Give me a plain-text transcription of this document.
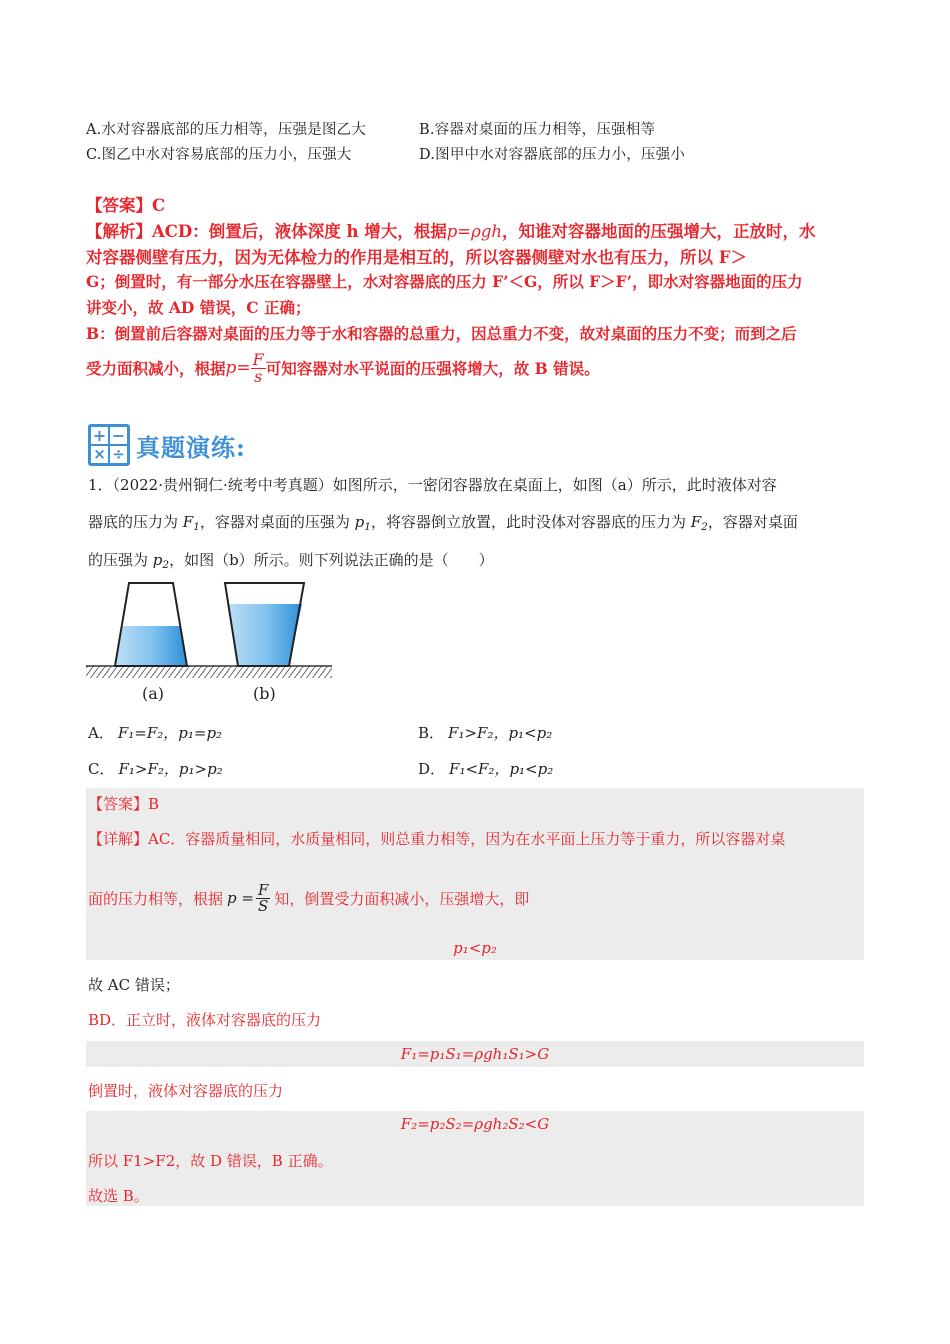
A.水对容器底部的压力相等，压强是图乙大	B.容器对桌面的压力相等，压强相等
C.图乙中水对容易底部的压力小，压强大	D.图甲中水对容器底部的压力小，压强小
【答案】C
【解析】ACD：倒置后，液体深度 h 增大，根据p=ρgh，知谁对容器地面的压强增大，正放时，水
对容器侧壁有压力，因为无体检力的作用是相互的，所以容器侧壁对水也有压力，所以 F＞
G；倒置时，有一部分水压在容器壁上，水对容器底的压力 F’＜G，所以 F＞F’，即水对容器地面的压力
讲变小，故 AD 错误，C 正确；
B：倒置前后容器对桌面的压力等于水和容器的总重力，因总重力不变，故对桌面的压力不变；而到之后
受力面积减小，根据 $p= \frac{F}{s}$ 可知容器对水平说面的压强将增大，故 B 错误。
+ −
× ÷ 真题演练:
1．（2022·贵州铜仁·统考中考真题）如图所示，一密闭容器放在桌面上，如图（a）所示，此时液体对容
器底的压力为 $F_1$，容器对桌面的压强为 $p_1$，将容器倒立放置，此时没体对容器底的压力为 $F_2$，容器对桌面
的压强为 $p_2$，如图（b）所示。则下列说法正确的是（　　）
(a)	(b)
A． F₁=F₂，p₁=p₂	B． F₁>F₂，p₁<p₂
C． F₁>F₂，p₁>p₂	D． F₁<F₂，p₁<p₂
【答案】B
【详解】AC．容器质量相同，水质量相同，则总重力相等，因为在水平面上压力等于重力，所以容器对桌
面的压力相等，根据 $p = \frac{F}{S}$ 知，倒置受力面积减小，压强增大，即
p₁<p₂
故 AC 错误；
BD．正立时，液体对容器底的压力
F₁=p₁S₁=ρgh₁S₁>G
倒置时，液体对容器底的压力
F₂=p₂S₂=ρgh₂S₂<G
所以 F1>F2，故 D 错误，B 正确。
故选 B。
